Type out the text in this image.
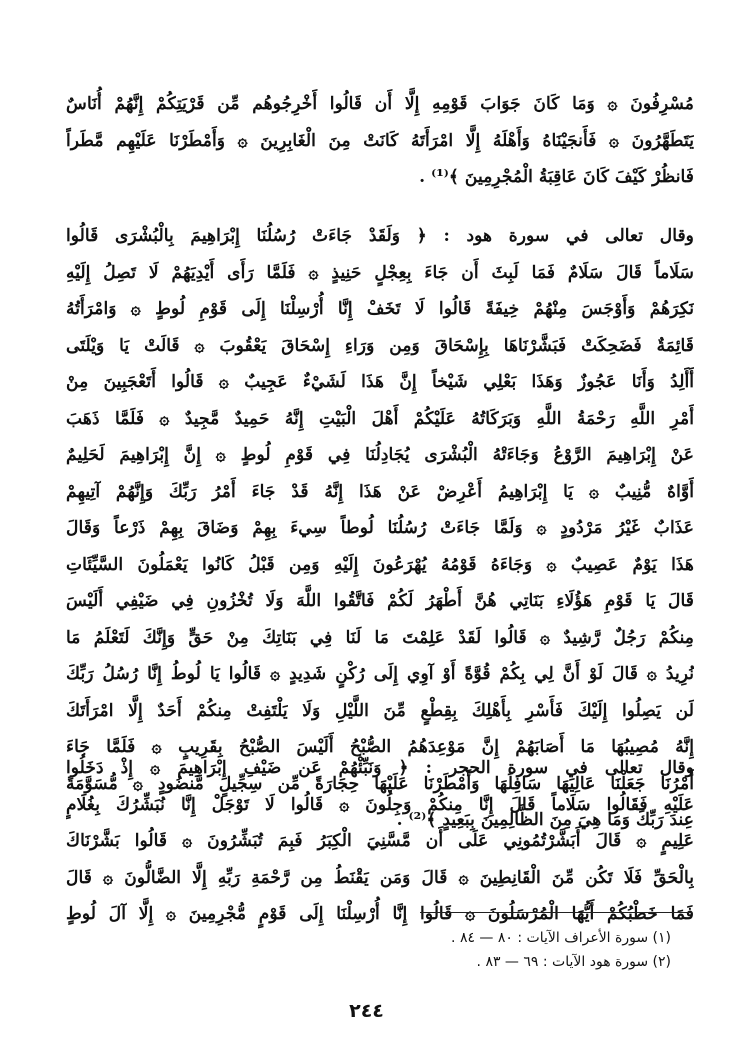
مُسْرِفُونَ ۞ وَمَا كَانَ جَوَابَ قَوْمِهِ إِلَّا أَن قَالُوا أَخْرِجُوهُم مِّن قَرْيَتِكُمْ إِنَّهُمْ أُنَاسٌ
يَتَطَهَّرُونَ ۞ فَأَنجَيْنَاهُ وَأَهْلَهُ إِلَّا امْرَأَتَهُ كَانَتْ مِنَ الْغَابِرِينَ ۞ وَأَمْطَرْنَا عَلَيْهِم مَّطَراً
فَانظُرْ كَيْفَ كَانَ عَاقِبَةُ الْمُجْرِمِينَ ﴾⁽¹⁾ .
وقال تعالى في سورة هود : ﴿ وَلَقَدْ جَاءَتْ رُسُلُنَا إِبْرَاهِيمَ بِالْبُشْرَى قَالُوا
سَلَاماً قَالَ سَلَامٌ فَمَا لَبِثَ أَن جَاءَ بِعِجْلٍ حَنِيذٍ ۞ فَلَمَّا رَأَى أَيْدِيَهُمْ لَا تَصِلُ إِلَيْهِ
نَكِرَهُمْ وَأَوْجَسَ مِنْهُمْ خِيفَةً قَالُوا لَا تَخَفْ إِنَّا أُرْسِلْنَا إِلَى قَوْمِ لُوطٍ ۞ وَامْرَأَتُهُ
قَائِمَةٌ فَضَحِكَتْ فَبَشَّرْنَاهَا بِإِسْحَاقَ وَمِن وَرَاءِ إِسْحَاقَ يَعْقُوبَ ۞ قَالَتْ يَا وَيْلَتَى
أَأَلِدُ وَأَنَا عَجُوزٌ وَهَذَا بَعْلِي شَيْخاً إِنَّ هَذَا لَشَيْءٌ عَجِيبٌ ۞ قَالُوا أَتَعْجَبِينَ مِنْ
أَمْرِ اللَّهِ رَحْمَةُ اللَّهِ وَبَرَكَاتُهُ عَلَيْكُمْ أَهْلَ الْبَيْتِ إِنَّهُ حَمِيدٌ مَّجِيدٌ ۞ فَلَمَّا ذَهَبَ
عَنْ إِبْرَاهِيمَ الرَّوْعُ وَجَاءَتْهُ الْبُشْرَى يُجَادِلُنَا فِي قَوْمِ لُوطٍ ۞ إِنَّ إِبْرَاهِيمَ لَحَلِيمٌ
أَوَّاهٌ مُّنِيبٌ ۞ يَا إِبْرَاهِيمُ أَعْرِضْ عَنْ هَذَا إِنَّهُ قَدْ جَاءَ أَمْرُ رَبِّكَ وَإِنَّهُمْ آتِيهِمْ
عَذَابٌ غَيْرُ مَرْدُودٍ ۞ وَلَمَّا جَاءَتْ رُسُلُنَا لُوطاً سِيءَ بِهِمْ وَضَاقَ بِهِمْ ذَرْعاً وَقَالَ
هَذَا يَوْمٌ عَصِيبٌ ۞ وَجَاءَهُ قَوْمُهُ يُهْرَعُونَ إِلَيْهِ وَمِن قَبْلُ كَانُوا يَعْمَلُونَ السَّيِّئَاتِ
قَالَ يَا قَوْمِ هَؤُلَاءِ بَنَاتِي هُنَّ أَطْهَرُ لَكُمْ فَاتَّقُوا اللَّهَ وَلَا تُخْزُونِ فِي ضَيْفِي أَلَيْسَ
مِنكُمْ رَجُلٌ رَّشِيدٌ ۞ قَالُوا لَقَدْ عَلِمْتَ مَا لَنَا فِي بَنَاتِكَ مِنْ حَقٍّ وَإِنَّكَ لَتَعْلَمُ مَا
نُرِيدُ ۞ قَالَ لَوْ أَنَّ لِي بِكُمْ قُوَّةً أَوْ آوِي إِلَى رُكْنٍ شَدِيدٍ ۞ قَالُوا يَا لُوطُ إِنَّا رُسُلُ رَبِّكَ
لَن يَصِلُوا إِلَيْكَ فَأَسْرِ بِأَهْلِكَ بِقِطْعٍ مِّنَ اللَّيْلِ وَلَا يَلْتَفِتْ مِنكُمْ أَحَدٌ إِلَّا امْرَأَتَكَ
إِنَّهُ مُصِيبُهَا مَا أَصَابَهُمْ إِنَّ مَوْعِدَهُمُ الصُّبْحُ أَلَيْسَ الصُّبْحُ بِقَرِيبٍ ۞ فَلَمَّا جَاءَ
أَمْرُنَا جَعَلْنَا عَالِيَهَا سَافِلَهَا وَأَمْطَرْنَا عَلَيْهَا حِجَارَةً مِّن سِجِّيلٍ مَّنضُودٍ ۞ مُّسَوَّمَةً
عِندَ رَبِّكَ وَمَا هِيَ مِنَ الظَّالِمِينَ بِبَعِيدٍ ﴾⁽²⁾ .
وقال تعالى في سورة الحجر : ﴿ وَنَبِّئْهُمْ عَن ضَيْفِ إِبْرَاهِيمَ ۞ إِذْ دَخَلُوا
عَلَيْهِ فَقَالُوا سَلَاماً قَالَ إِنَّا مِنكُمْ وَجِلُونَ ۞ قَالُوا لَا تَوْجَلْ إِنَّا نُبَشِّرُكَ بِغُلَامٍ
عَلِيمٍ ۞ قَالَ أَبَشَّرْتُمُونِي عَلَى أَن مَّسَّنِيَ الْكِبَرُ فَبِمَ تُبَشِّرُونَ ۞ قَالُوا بَشَّرْنَاكَ
بِالْحَقِّ فَلَا تَكُن مِّنَ الْقَانِطِينَ ۞ قَالَ وَمَن يَقْنَطُ مِن رَّحْمَةِ رَبِّهِ إِلَّا الضَّالُّونَ ۞ قَالَ
فَمَا خَطْبُكُمْ أَيُّهَا الْمُرْسَلُونَ ۞ قَالُوا إِنَّا أُرْسِلْنَا إِلَى قَوْمٍ مُّجْرِمِينَ ۞ إِلَّا آلَ لُوطٍ
(١) سورة الأعراف الآيات : ٨٠ — ٨٤ .
(٢) سورة هود الآيات : ٦٩ — ٨٣ .
٢٤٤
